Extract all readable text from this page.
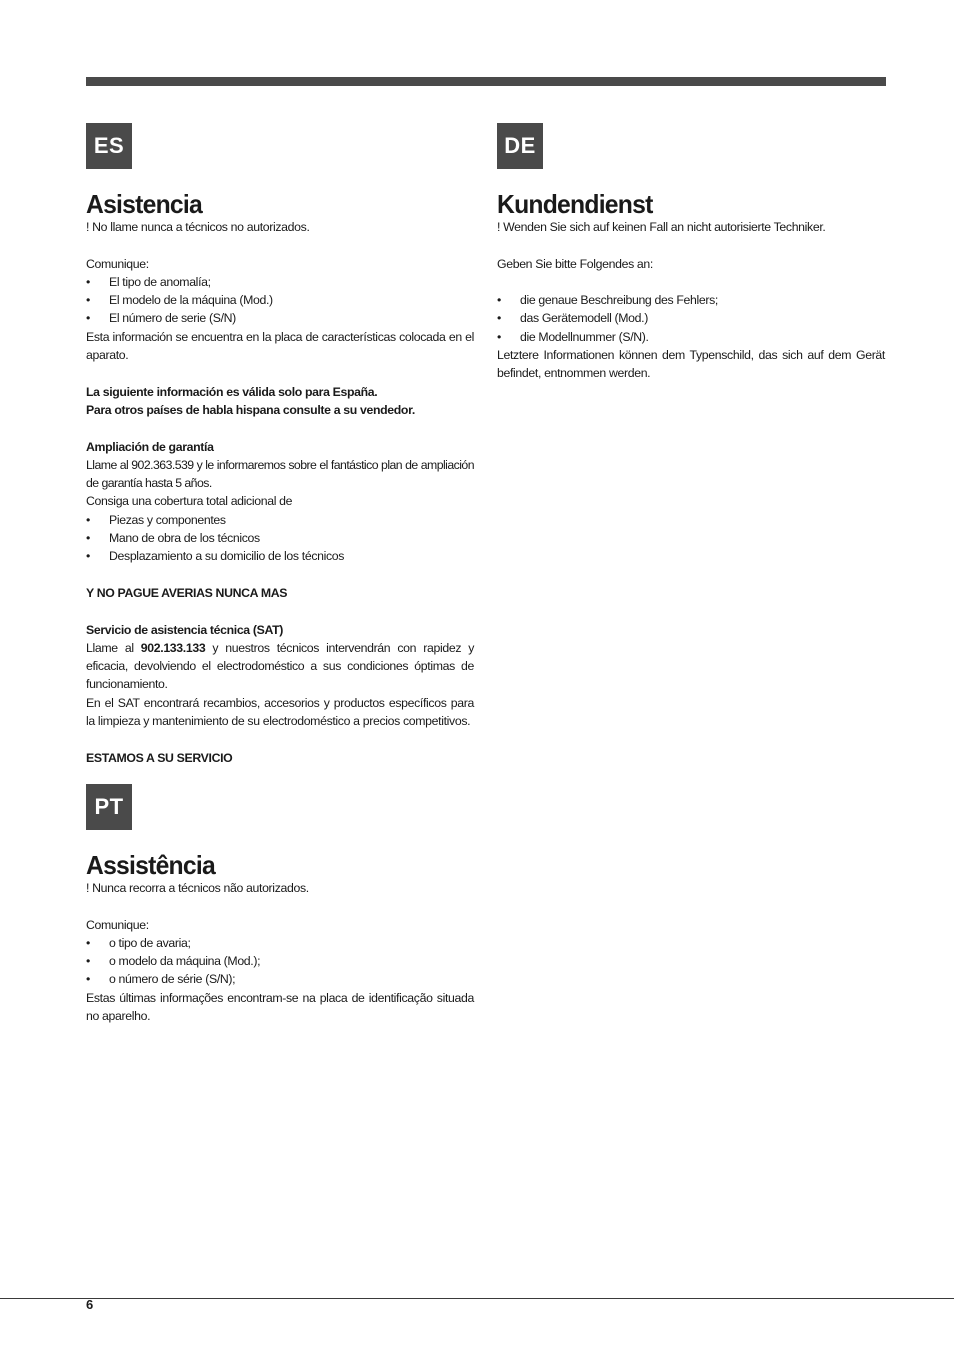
ES
Asistencia

! No llame nunca a técnicos no autorizados.

Comunique:

• El tipo de anomalía;
• El modelo de la máquina (Mod.)
• El número de serie (S/N)

Esta información se encuentra en la placa de características colocada en el aparato.

La siguiente información es válida solo para España.

Para otros países de habla hispana consulte a su vendedor.

Ampliación de garantía

Llame al 902.363.539 y le informaremos sobre el fantástico plan de ampliación de garantía hasta 5 años.

Consiga una cobertura total adicional de

• Piezas y componentes
• Mano de obra de los técnicos
• Desplazamiento a su domicilio de los técnicos

Y NO PAGUE AVERIAS NUNCA MAS

Servicio de asistencia técnica (SAT)

Llame al 902.133.133 y nuestros técnicos intervendrán con rapidez y eficacia, devolviendo el electrodoméstico a sus condiciones óptimas de funcionamiento.

En el SAT encontrará recambios, accesorios y productos específicos para la limpieza y mantenimiento de su electrodoméstico a precios competitivos.

ESTAMOS A SU SERVICIO

PT
Assistência

! Nunca recorra a técnicos não autorizados.

Comunique:

• o tipo de avaria;
• o modelo da máquina (Mod.);
• o número de série (S/N);

Estas últimas informações encontram-se na placa de identificação situada no aparelho.

DE
Kundendienst

! Wenden Sie sich auf keinen Fall an nicht autorisierte Techniker.

Geben Sie bitte Folgendes an:

• die genaue Beschreibung des Fehlers;
• das Gerätemodell (Mod.)
• die Modellnummer (S/N).

Letztere Informationen können dem Typenschild, das sich auf dem Gerät befindet, entnommen werden.

6
